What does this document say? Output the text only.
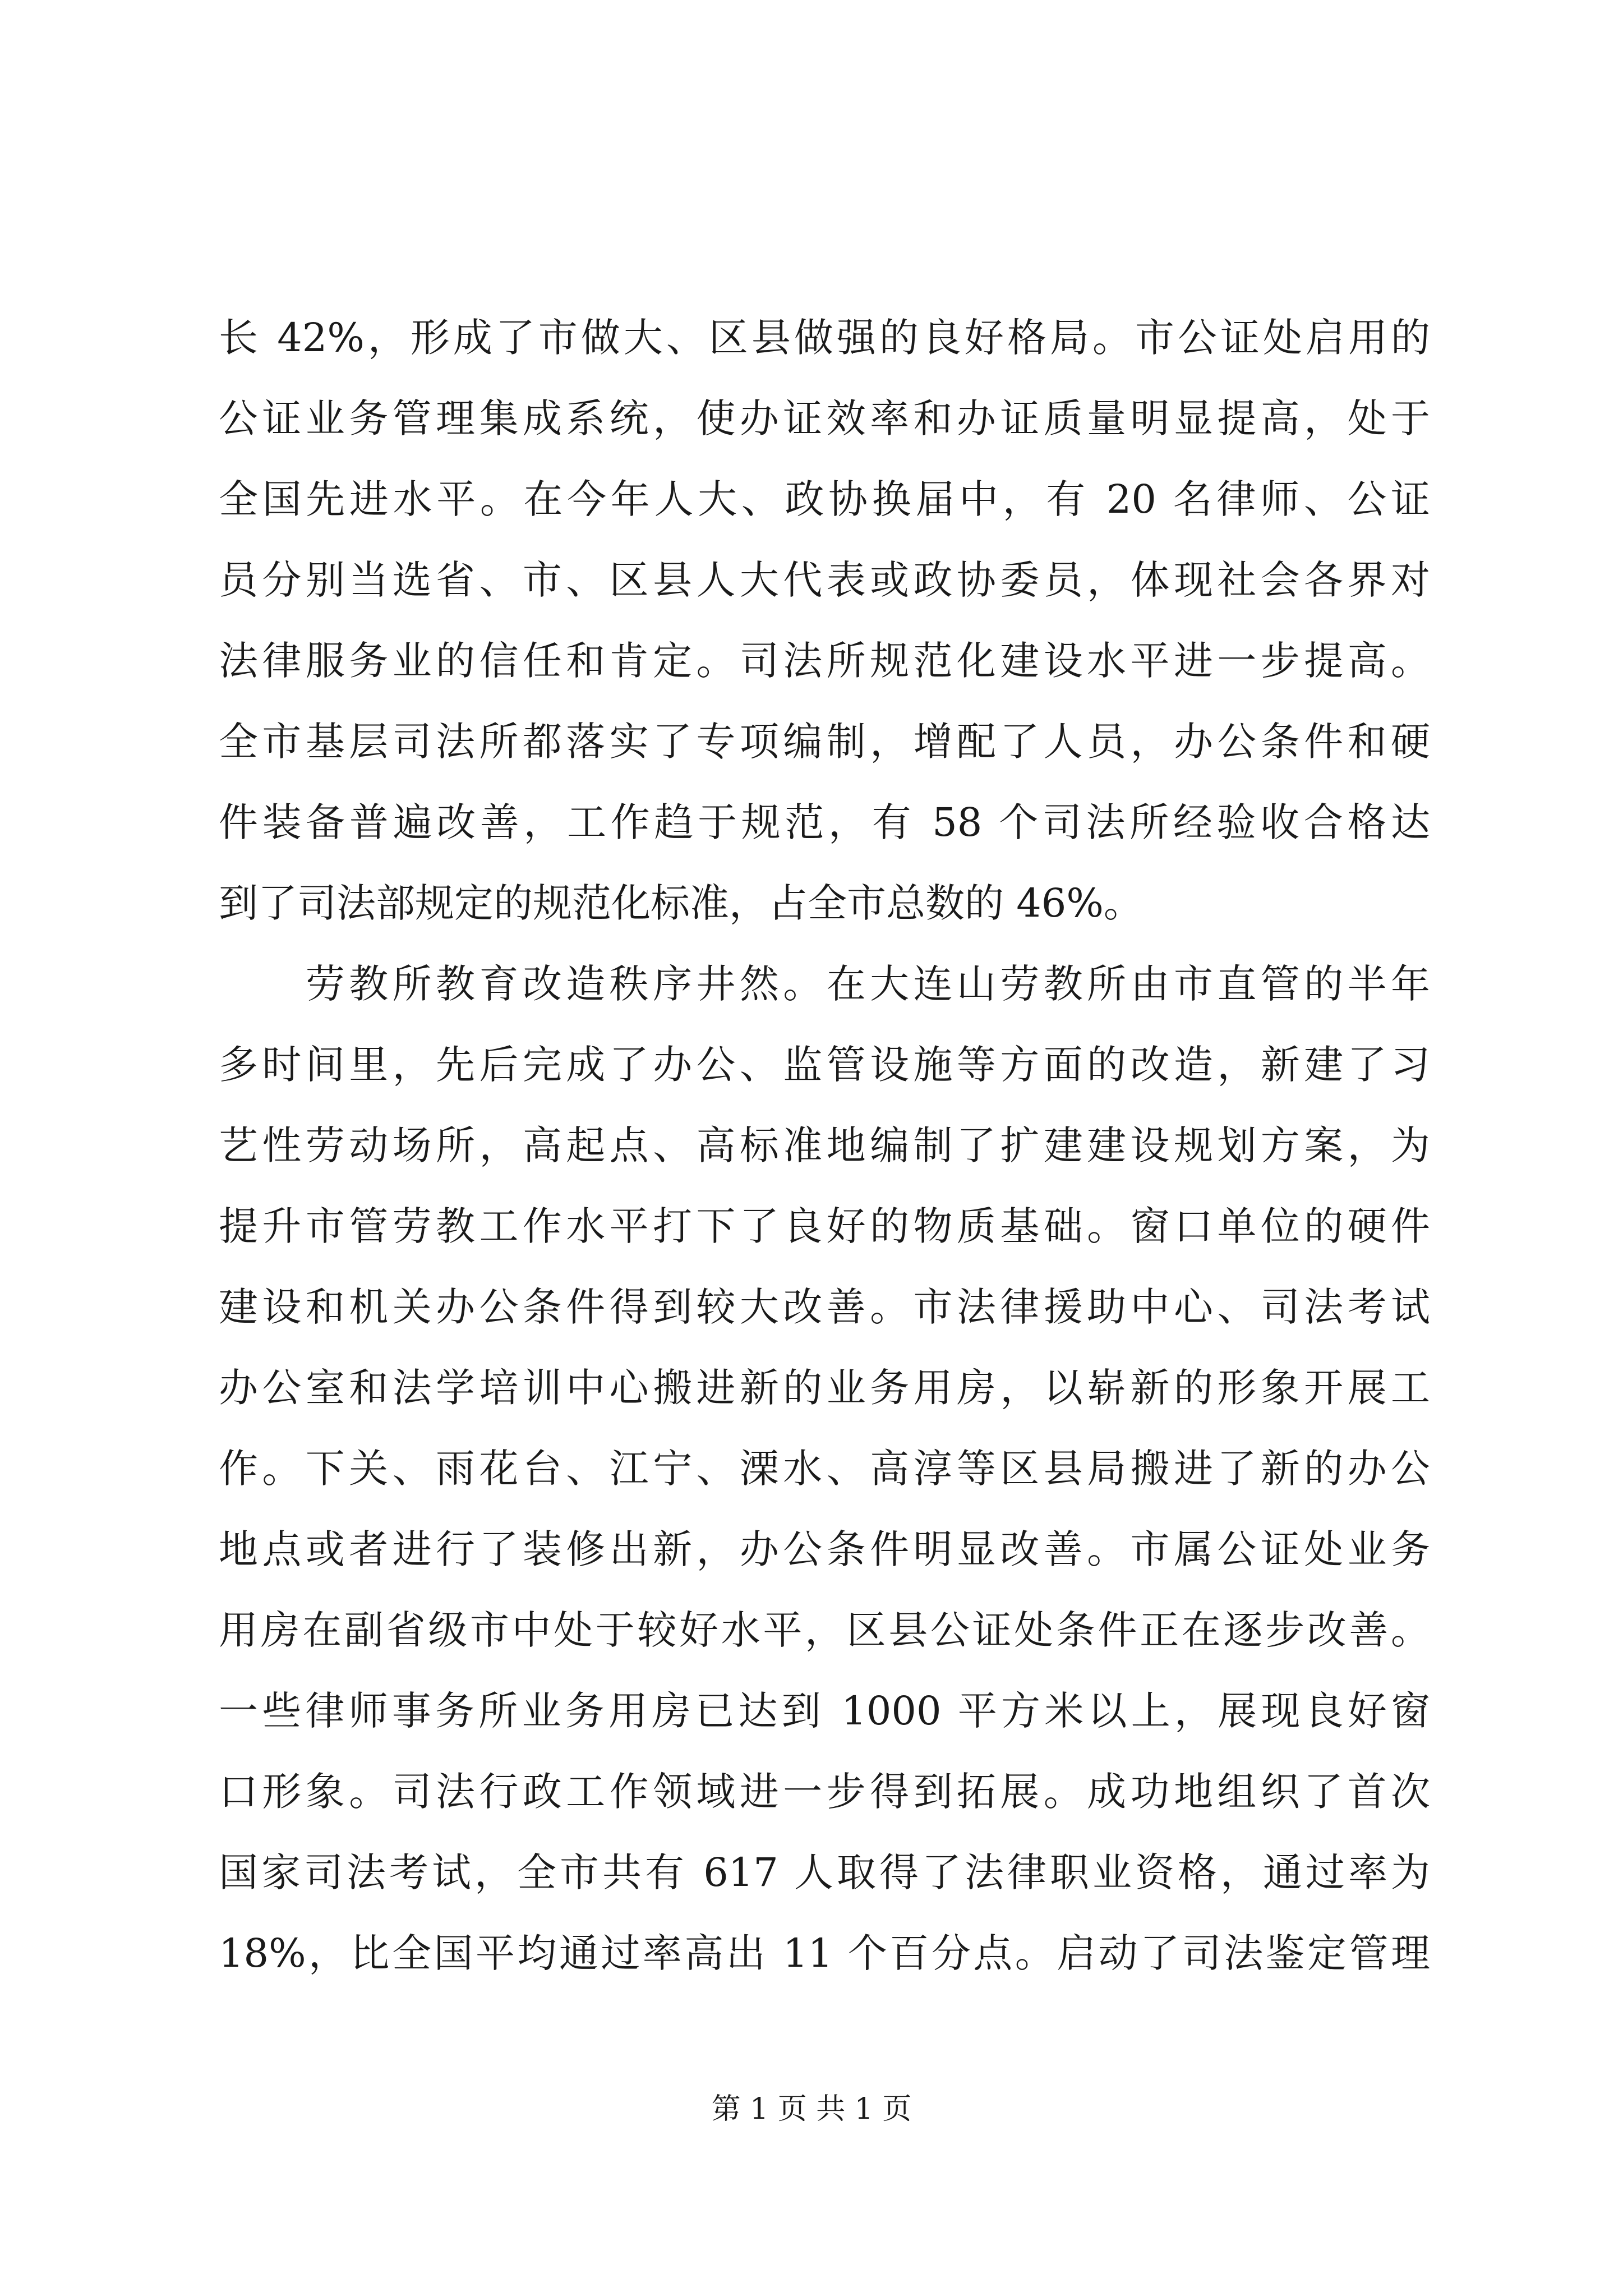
长 42%，形成了市做大、区县做强的良好格局。市公证处启用的
公证业务管理集成系统，使办证效率和办证质量明显提高，处于
全国先进水平。在今年人大、政协换届中，有 20 名律师、公证
员分别当选省、市、区县人大代表或政协委员，体现社会各界对
法律服务业的信任和肯定。司法所规范化建设水平进一步提高。
全市基层司法所都落实了专项编制，增配了人员，办公条件和硬
件装备普遍改善，工作趋于规范，有 58 个司法所经验收合格达
到了司法部规定的规范化标准，占全市总数的 46%。
　　劳教所教育改造秩序井然。在大连山劳教所由市直管的半年
多时间里，先后完成了办公、监管设施等方面的改造，新建了习
艺性劳动场所，高起点、高标准地编制了扩建建设规划方案，为
提升市管劳教工作水平打下了良好的物质基础。窗口单位的硬件
建设和机关办公条件得到较大改善。市法律援助中心、司法考试
办公室和法学培训中心搬进新的业务用房，以崭新的形象开展工
作。下关、雨花台、江宁、溧水、高淳等区县局搬进了新的办公
地点或者进行了装修出新，办公条件明显改善。市属公证处业务
用房在副省级市中处于较好水平，区县公证处条件正在逐步改善。
一些律师事务所业务用房已达到 1000 平方米以上，展现良好窗
口形象。司法行政工作领域进一步得到拓展。成功地组织了首次
国家司法考试，全市共有 617 人取得了法律职业资格，通过率为
18%，比全国平均通过率高出 11 个百分点。启动了司法鉴定管理
第 1 页 共 1 页
